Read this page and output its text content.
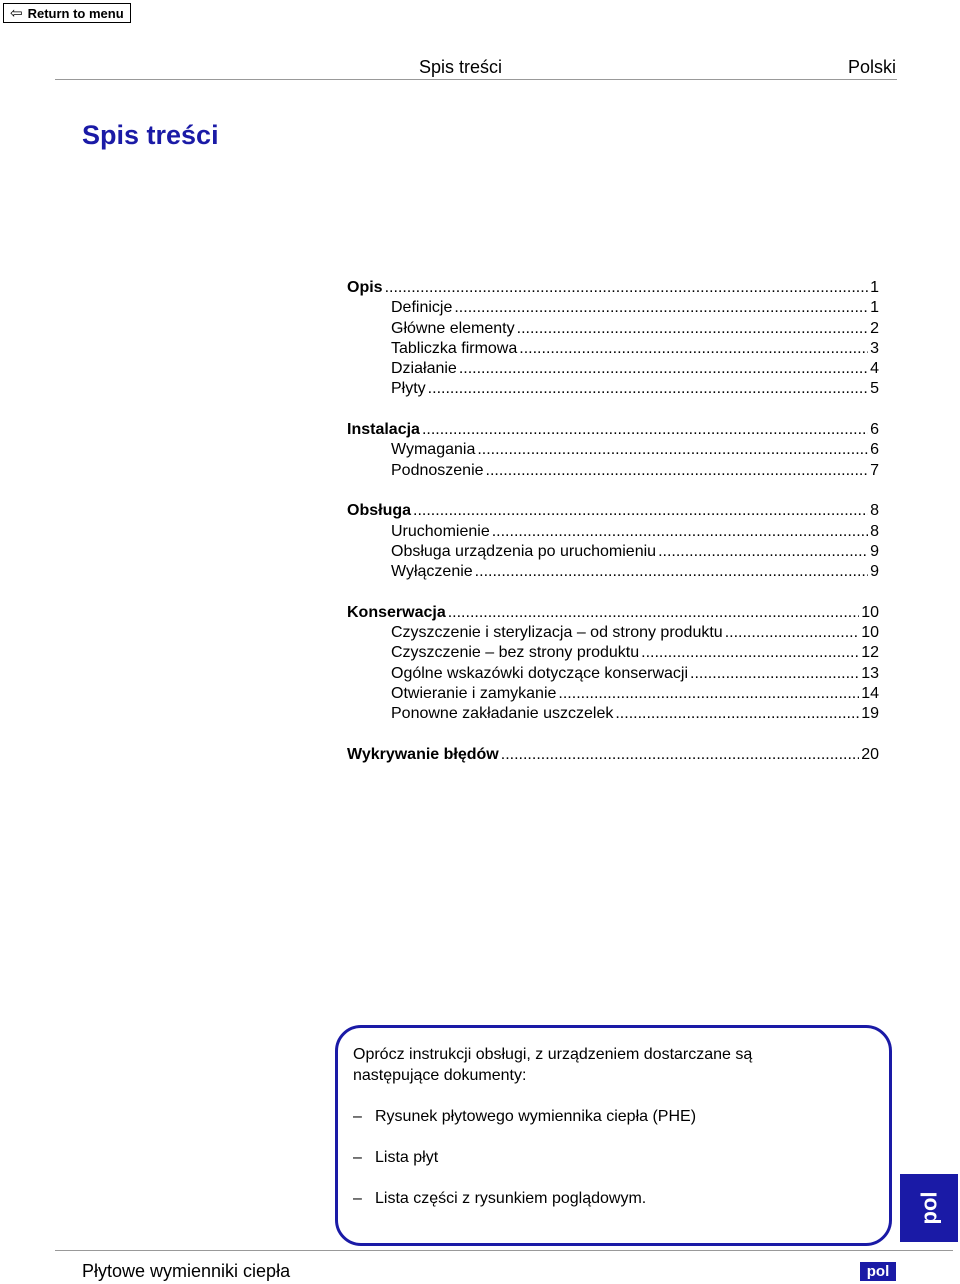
⇦ Return to menu
Spis treści	Polski
Spis treści
Opis .....	1
Definicje .....	1
Główne elementy .....	2
Tabliczka firmowa .....	3
Działanie .....	4
Płyty .....	5
Instalacja .....	6
Wymagania .....	6
Podnoszenie .....	7
Obsługa .....	8
Uruchomienie .....	8
Obsługa urządzenia po uruchomieniu .....	9
Wyłączenie .....	9
Konserwacja .....	10
Czyszczenie i sterylizacja – od strony produktu .....	10
Czyszczenie – bez strony produktu .....	12
Ogólne wskazówki dotyczące konserwacji .....	13
Otwieranie i zamykanie .....	14
Ponowne zakładanie uszczelek .....	19
Wykrywanie błędów .....	20
Oprócz instrukcji obsługi, z urządzeniem dostarczane są następujące dokumenty:
– Rysunek płytowego wymiennika ciepła (PHE)
– Lista płyt
– Lista części z rysunkiem poglądowym.	pol
Płytowe wymienniki ciepła	pol
